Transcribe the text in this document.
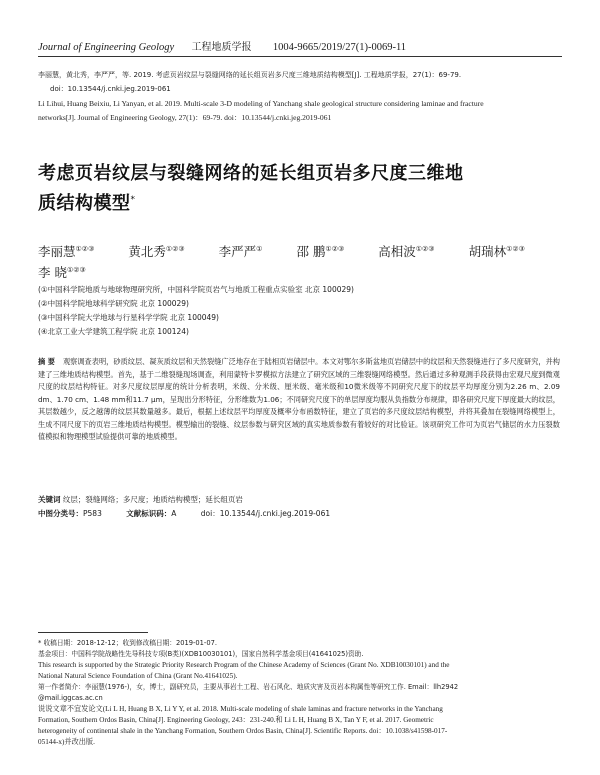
Journal of Engineering Geology 工程地质学报 1004-9665/2019/27(1)-0069-11
李丽慧，黄北秀，李严严，等. 2019. 考虑页岩纹层与裂缝网络的延长组页岩多尺度三维地质结构模型[J]. 工程地质学报，27(1)：69-79.
doi：10.13544/j.cnki.jeg.2019-061
Li Lihui, Huang Beixiu, Li Yanyan, et al. 2019. Multi-scale 3-D modeling of Yanchang shale geological structure considering laminae and fracture
networks[J]. Journal of Engineering Geology, 27(1)：69-79. doi：10.13544/j.cnki.jeg.2019-061
考虑页岩纹层与裂缝网络的延长组页岩多尺度三维地
质结构模型*
李丽慧①②③	黄北秀①②③	李严严①	邵 鹏①②③	高相波①②③	胡瑞林①②③ 李 晓①②③
(①中国科学院地质与地球物理研究所，中国科学院页岩气与地质工程重点实验室 北京 100029)
(②中国科学院地球科学研究院 北京 100029)
(③中国科学院大学地球与行星科学学院 北京 100049)
(④北京工业大学建筑工程学院 北京 100124)
摘 要 观察调查表明，砂质纹层、凝灰质纹层和天然裂缝广泛地存在于陆相页岩储层中。本文对鄂尔多斯盆地页岩储层中的纹层和天然裂缝进行了多尺度研究，并构建了三维地质结构模型。首先，基于二维裂缝现场调查，利用蒙特卡罗模拟方法建立了研究区域的三维裂缝网络模型。然后通过多种观测手段获得由宏观尺度到微观尺度的纹层结构特征。对多尺度纹层厚度的统计分析表明，米级、分米级、厘米级、毫米级和10微米级等不同研究尺度下的纹层平均厚度分别为2.26 m、2.09 dm、1.70 cm、1.48 mm和11.7 μm，呈现出分形特征，分形维数为1.06；不同研究尺度下的单层厚度均服从负指数分布规律，即各研究尺度下厚度最大的纹层，其层数越少，反之越薄的纹层其数量越多。最后，根据上述纹层平均厚度及概率分布函数特征，建立了页岩的多尺度纹层结构模型，并将其叠加在裂缝网络模型上，生成不同尺度下的页岩三维地质结构模型。模型输出的裂缝、纹层参数与研究区域的真实地质参数有着较好的对比验证。该项研究工作可为页岩气储层的水力压裂数值模拟和物理模型试验提供可靠的地质模型。
关键词 纹层；裂缝网络；多尺度；地质结构模型；延长组页岩
中图分类号：P583	文献标识码：A	doi：10.13544/j.cnki.jeg.2019-061

* 收稿日期：2018-12-12；收到修改稿日期：2019-01-07.

基金项目：中国科学院战略性先导科技专项(B类)(XDB10030101)，国家自然科学基金项目(41641025)资助.

This research is supported by the Strategic Priority Research Program of the Chinese Academy of Sciences (Grant No. XDB10030101) and the

National Natural Science Foundation of China (Grant No.41641025).

第一作者简介：李丽慧(1976-)，女，博士，副研究员，主要从事岩土工程、岩石风化、地质灾害及页岩本构属性等研究工作. Email：llh2942

@mail.iggcas.ac.cn

说说文章不宜发论文(Li L H, Huang B X, Li Y Y, et al. 2018. Multi-scale modeling of shale laminas and fracture networks in the Yanchang

Formation, Southern Ordos Basin, China[J]. Engineering Geology, 243：231-240.和 Li L H, Huang B X, Tan Y F, et al. 2017. Geometric

heterogeneity of continental shale in the Yanchang Formation, Southern Ordos Basin, China[J]. Scientific Reports. doi：10.1038/s41598-017-

05144-x)并改出版.
